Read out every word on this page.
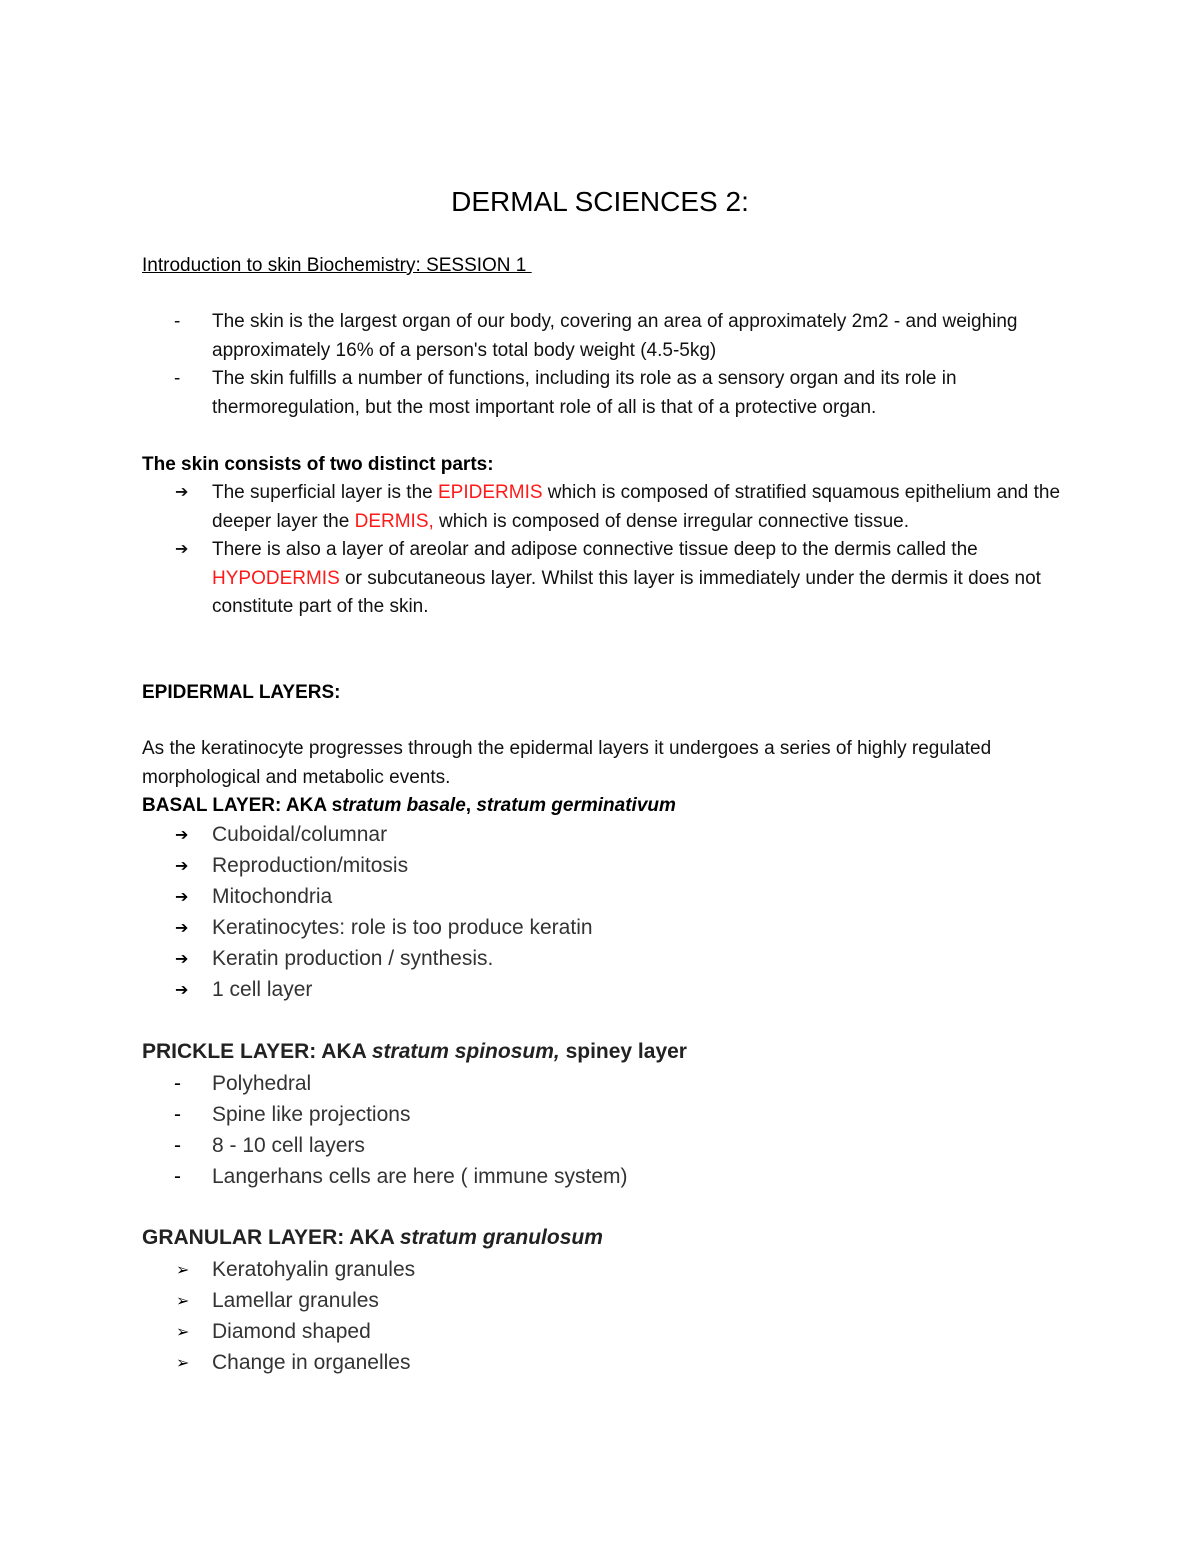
DERMAL SCIENCES 2:
Introduction to skin Biochemistry: SESSION 1
-	The skin is the largest organ of our body, covering an area of approximately 2m2 - and weighing approximately 16% of a person's total body weight (4.5-5kg)
-	The skin fulfills a number of functions, including its role as a sensory organ and its role in thermoregulation, but the most important role of all is that of a protective organ.
The skin consists of two distinct parts:
➔	The superficial layer is the EPIDERMIS which is composed of stratified squamous epithelium and the deeper layer the DERMIS, which is composed of dense irregular connective tissue.
➔	There is also a layer of areolar and adipose connective tissue deep to the dermis called the HYPODERMIS or subcutaneous layer. Whilst this layer is immediately under the dermis it does not constitute part of the skin.
EPIDERMAL LAYERS:
As the keratinocyte progresses through the epidermal layers it undergoes a series of highly regulated morphological and metabolic events.
BASAL LAYER: AKA stratum basale, stratum germinativum
➔	Cuboidal/columnar
➔	Reproduction/mitosis
➔	Mitochondria
➔	Keratinocytes: role is too produce keratin
➔	Keratin production / synthesis.
➔	1 cell layer
PRICKLE LAYER: AKA stratum spinosum, spiney layer
-	Polyhedral
-	Spine like projections
-	8 - 10 cell layers
-	Langerhans cells are here ( immune system)
GRANULAR LAYER: AKA stratum granulosum
➢	Keratohyalin granules
➢	Lamellar granules
➢	Diamond shaped
➢	Change in organelles
